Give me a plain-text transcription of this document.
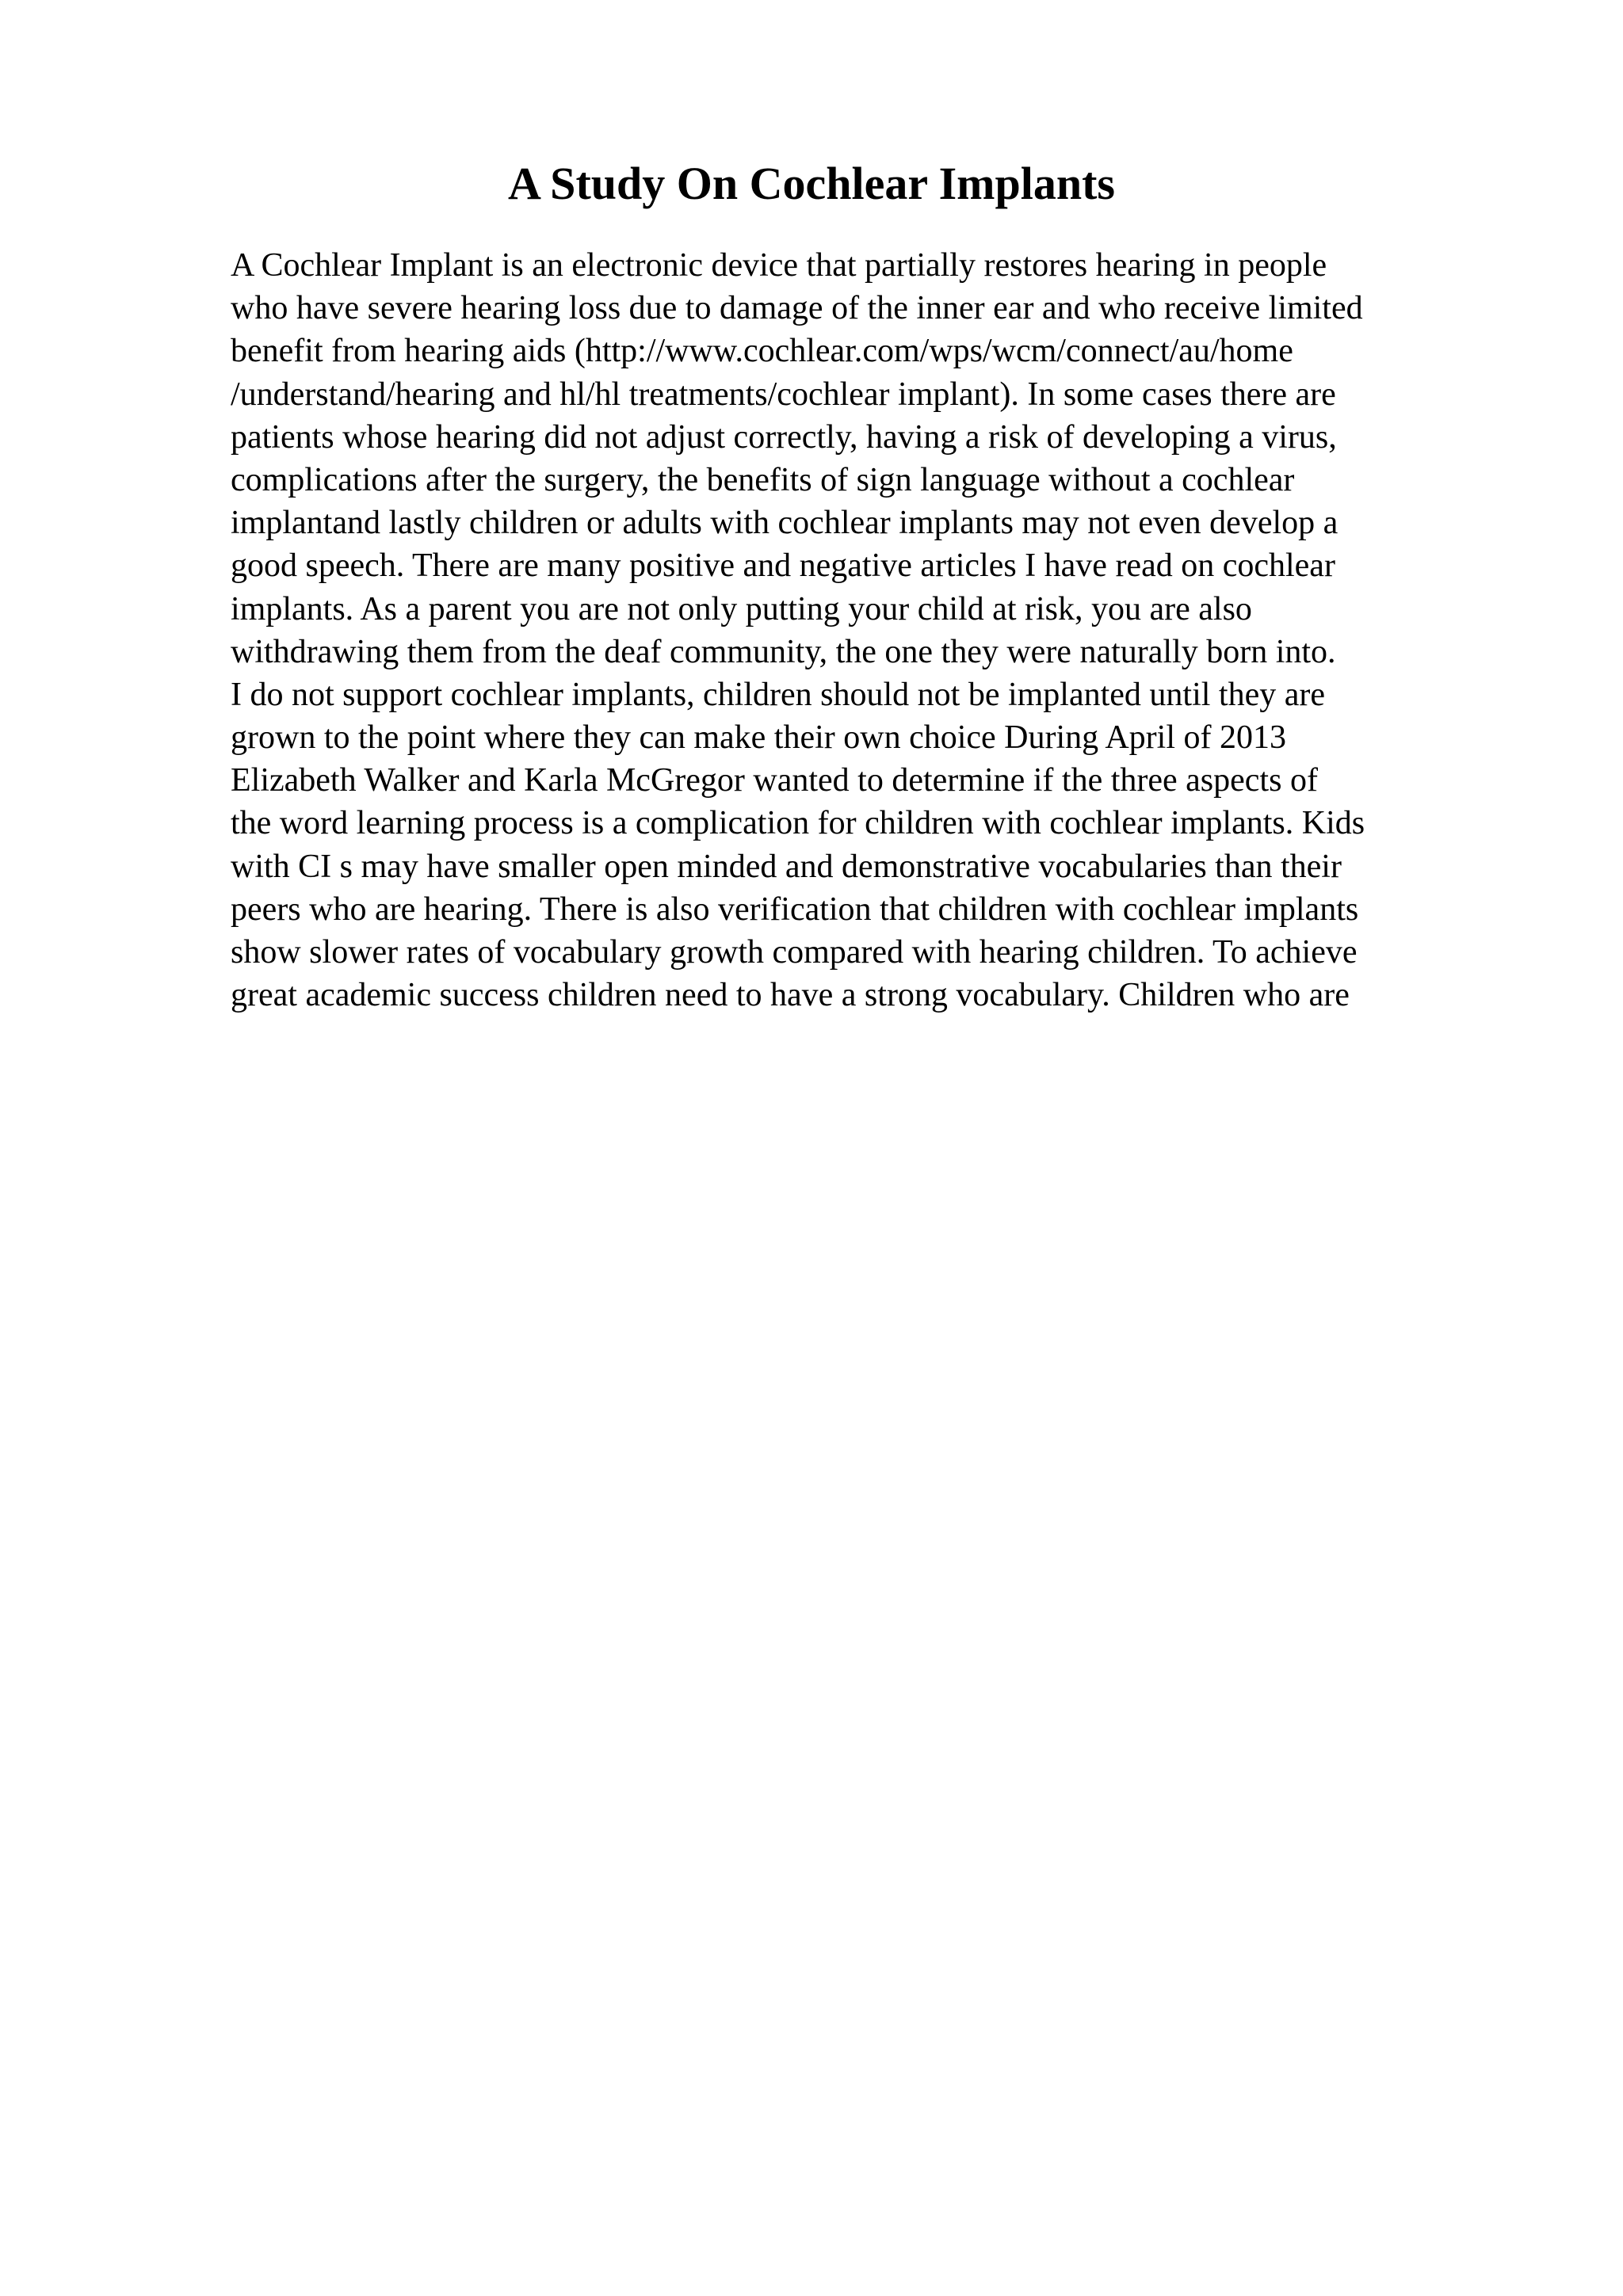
A Study On Cochlear Implants
A Cochlear Implant is an electronic device that partially restores hearing in people
who have severe hearing loss due to damage of the inner ear and who receive limited
benefit from hearing aids (http://www.cochlear.com/wps/wcm/connect/au/home
/understand/hearing and hl/hl treatments/cochlear implant). In some cases there are
patients whose hearing did not adjust correctly, having a risk of developing a virus,
complications after the surgery, the benefits of sign language without a cochlear
implantand lastly children or adults with cochlear implants may not even develop a
good speech. There are many positive and negative articles I have read on cochlear
implants. As a parent you are not only putting your child at risk, you are also
withdrawing them from the deaf community, the one they were naturally born into.
I do not support cochlear implants, children should not be implanted until they are
grown to the point where they can make their own choice During April of 2013
Elizabeth Walker and Karla McGregor wanted to determine if the three aspects of
the word learning process is a complication for children with cochlear implants. Kids
with CI s may have smaller open minded and demonstrative vocabularies than their
peers who are hearing. There is also verification that children with cochlear implants
show slower rates of vocabulary growth compared with hearing children. To achieve
great academic success children need to have a strong vocabulary. Children who are
